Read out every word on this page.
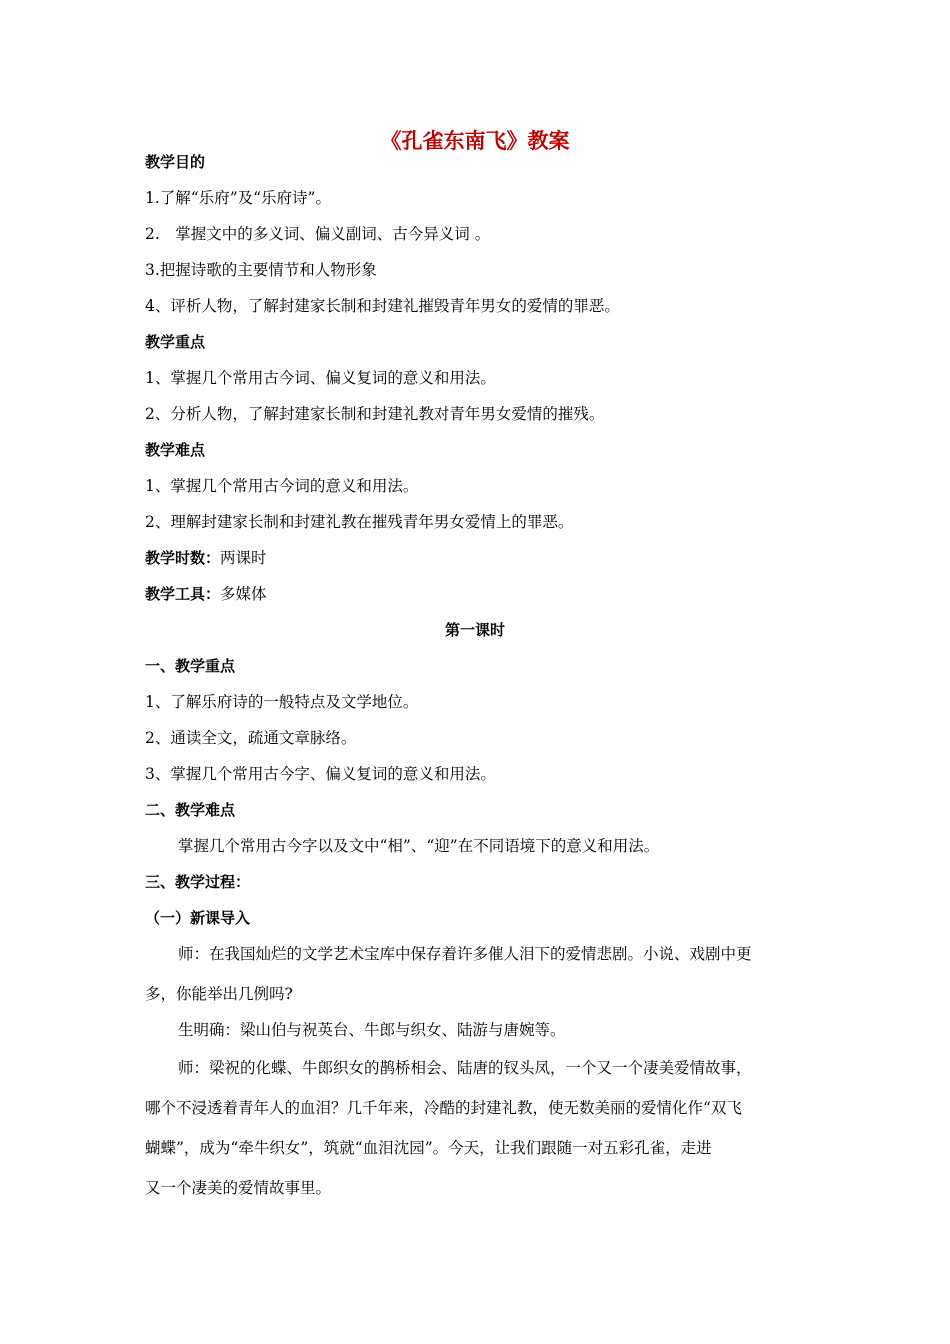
《孔雀东南飞》教案
教学目的
1.了解“乐府”及“乐府诗”。
2.　掌握文中的多义词、偏义副词、古今异义词 。
3.把握诗歌的主要情节和人物形象
4、评析人物，了解封建家长制和封建礼摧毁青年男女的爱情的罪恶。
教学重点
1、掌握几个常用古今词、偏义复词的意义和用法。
2、分析人物，了解封建家长制和封建礼教对青年男女爱情的摧残。
教学难点
1、掌握几个常用古今词的意义和用法。
2、理解封建家长制和封建礼教在摧残青年男女爱情上的罪恶。
教学时数：两课时
教学工具：多媒体
第一课时
一、教学重点
1、了解乐府诗的一般特点及文学地位。
2、通读全文，疏通文章脉络。
3、掌握几个常用古今字、偏义复词的意义和用法。
二、教学难点
掌握几个常用古今字以及文中“相”、“迎”在不同语境下的意义和用法。
三、教学过程：
（一）新课导入
师：在我国灿烂的文学艺术宝库中保存着许多催人泪下的爱情悲剧。小说、戏剧中更
多，你能举出几例吗?
生明确：梁山伯与祝英台、牛郎与织女、陆游与唐婉等。
师：梁祝的化蝶、牛郎织女的鹊桥相会、陆唐的钗头凤，一个又一个凄美爱情故事，
哪个不浸透着青年人的血泪？几千年来，冷酷的封建礼教，使无数美丽的爱情化作“双飞
蝴蝶”，成为“牵牛织女”，筑就“血泪沈园”。今天，让我们跟随一对五彩孔雀，走进
又一个凄美的爱情故事里。
